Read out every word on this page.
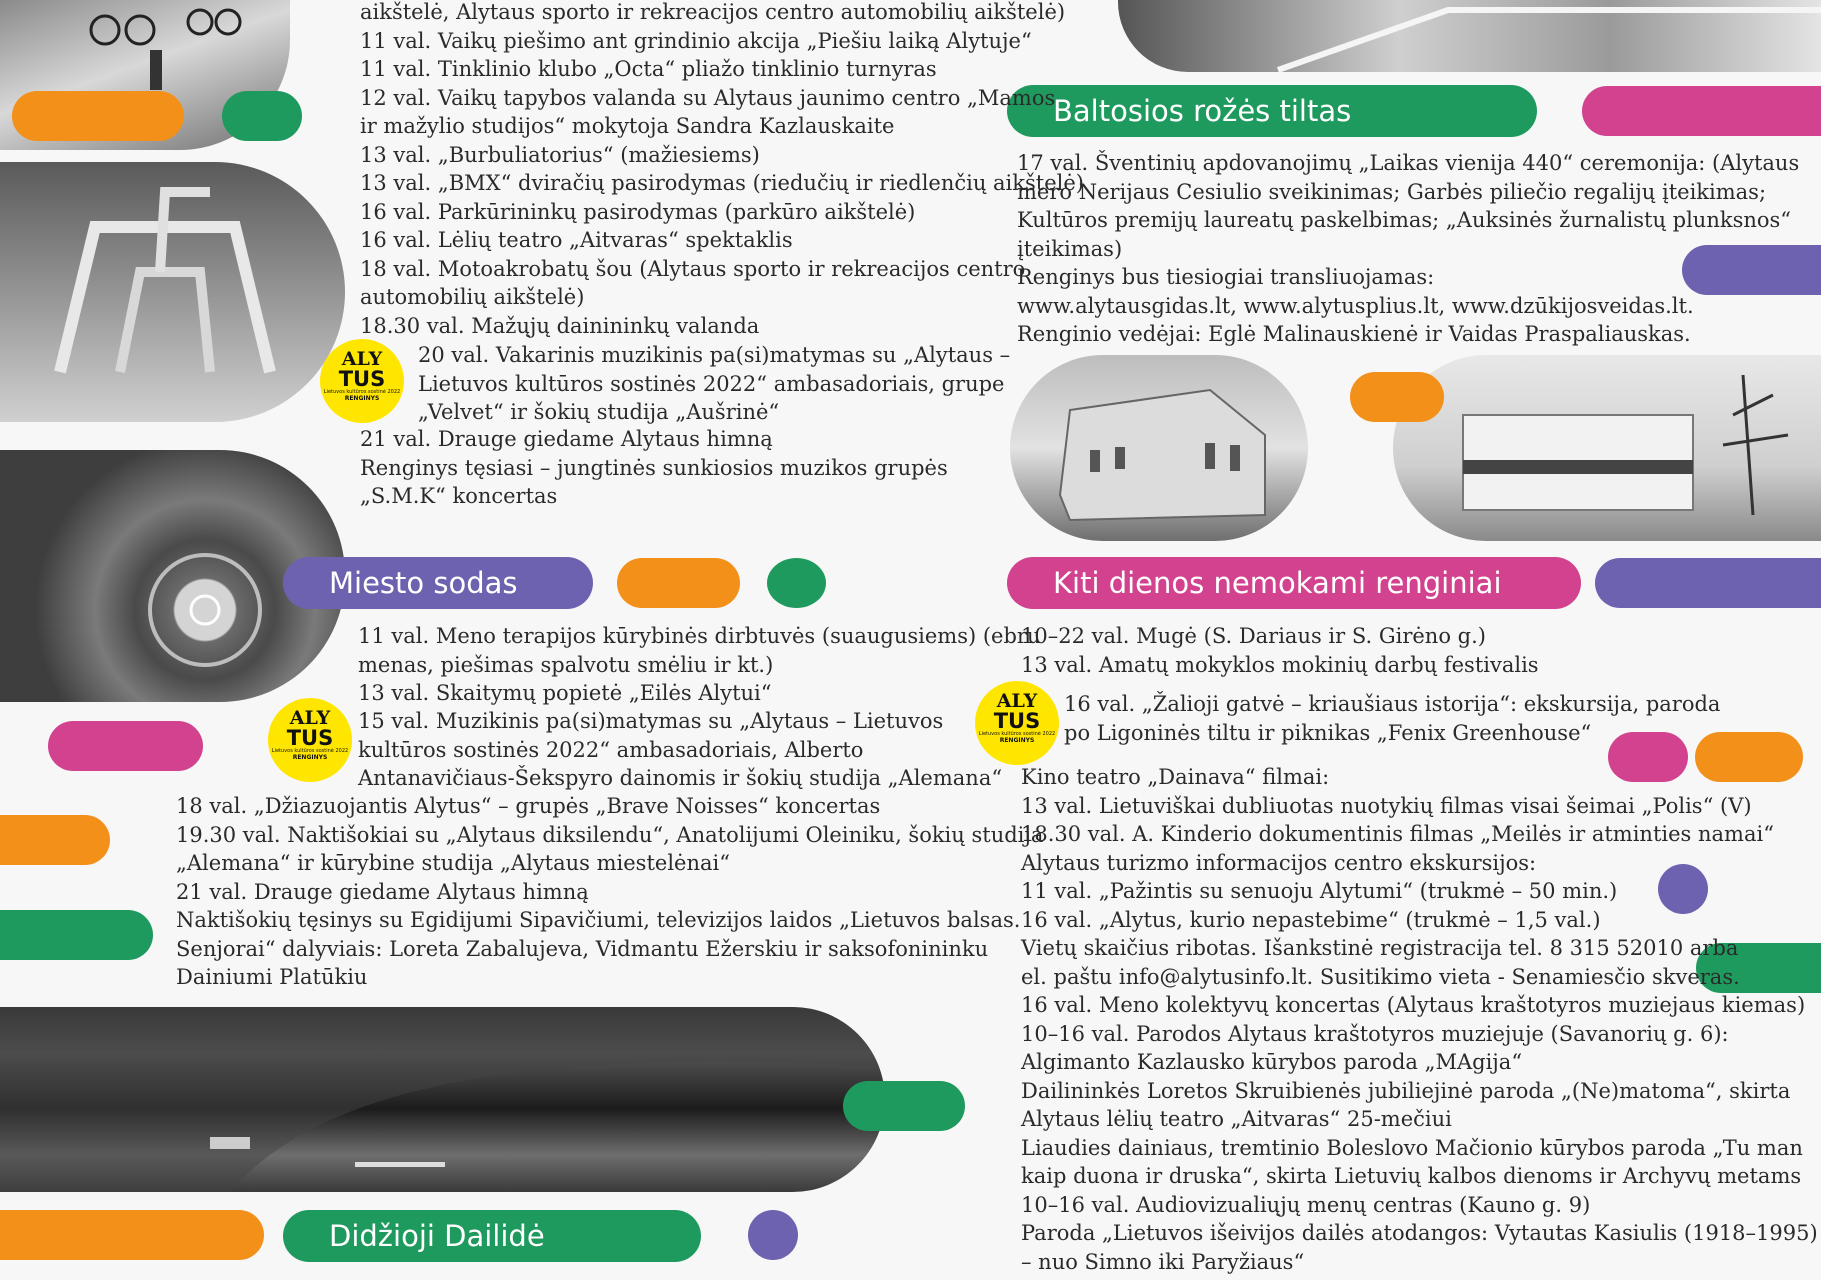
Miesto sodas
Didžioji Dailidė
Baltosios rožės tiltas
Kiti dienos nemokami renginiai
ALY
TUS
Lietuvos kultūros sostinė 2022
RENGINYS
ALY
TUS
Lietuvos kultūros sostinė 2022
RENGINYS
ALY
TUS
Lietuvos kultūros sostinė 2022
RENGINYS
aikštelė, Alytaus sporto ir rekreacijos centro automobilių aikštelė)
11 val. Vaikų piešimo ant grindinio akcija „Piešiu laiką Alytuje“
11 val. Tinklinio klubo „Octa“ pliažo tinklinio turnyras
12 val. Vaikų tapybos valanda su Alytaus jaunimo centro „Mamos
ir mažylio studijos“ mokytoja Sandra Kazlauskaite
13 val. „Burbuliatorius“ (mažiesiems)
13 val. „BMX“ dviračių pasirodymas (riedučių ir riedlenčių aikštelė)
16 val. Parkūrininkų pasirodymas (parkūro aikštelė)
16 val. Lėlių teatro „Aitvaras“ spektaklis
18 val. Motoakrobatų šou (Alytaus sporto ir rekreacijos centro
automobilių aikštelė)
18.30 val. Mažųjų dainininkų valanda
20 val. Vakarinis muzikinis pa(si)matymas su „Alytaus –
Lietuvos kultūros sostinės 2022“ ambasadoriais, grupe
„Velvet“ ir šokių studija „Aušrinė“
21 val. Drauge giedame Alytaus himną
Renginys tęsiasi – jungtinės sunkiosios muzikos grupės
„S.M.K“ koncertas
11 val. Meno terapijos kūrybinės dirbtuvės (suaugusiems) (ebru
menas, piešimas spalvotu smėliu ir kt.)
13 val. Skaitymų popietė „Eilės Alytui“
15 val. Muzikinis pa(si)matymas su „Alytaus – Lietuvos
kultūros sostinės 2022“ ambasadoriais, Alberto
Antanavičiaus-Šekspyro dainomis ir šokių studija „Alemana“
18 val. „Džiazuojantis Alytus“ – grupės „Brave Noisses“ koncertas
19.30 val. Naktišokiai su „Alytaus diksilendu“, Anatolijumi Oleiniku, šokių studija
„Alemana“ ir kūrybine studija „Alytaus miestelėnai“
21 val. Drauge giedame Alytaus himną
Naktišokių tęsinys su Egidijumi Sipavičiumi, televizijos laidos „Lietuvos balsas.
Senjorai“ dalyviais: Loreta Zabalujeva, Vidmantu Ežerskiu ir saksofonininku
Dainiumi Platūkiu
17 val. Šventinių apdovanojimų „Laikas vienija 440“ ceremonija: (Alytaus
mero Nerijaus Cesiulio sveikinimas; Garbės piliečio regalijų įteikimas;
Kultūros premijų laureatų paskelbimas; „Auksinės žurnalistų plunksnos“
įteikimas)
Renginys bus tiesiogiai transliuojamas:
www.alytausgidas.lt, www.alytusplius.lt, www.dzūkijosveidas.lt.
Renginio vedėjai: Eglė Malinauskienė ir Vaidas Praspaliauskas.
10–22 val. Mugė (S. Dariaus ir S. Girėno g.)
13 val. Amatų mokyklos mokinių darbų festivalis
16 val. „Žalioji gatvė – kriaušiaus istorija“: ekskursija, paroda
po Ligoninės tiltu ir piknikas „Fenix Greenhouse“
Kino teatro „Dainava“ filmai:
13 val. Lietuviškai dubliuotas nuotykių filmas visai šeimai „Polis“ (V)
18.30 val. A. Kinderio dokumentinis filmas „Meilės ir atminties namai“
Alytaus turizmo informacijos centro ekskursijos:
11 val. „Pažintis su senuoju Alytumi“ (trukmė – 50 min.)
16 val. „Alytus, kurio nepastebime“ (trukmė – 1,5 val.)
Vietų skaičius ribotas. Išankstinė registracija tel. 8 315 52010 arba
el. paštu info@alytusinfo.lt. Susitikimo vieta - Senamiesčio skveras.
16 val. Meno kolektyvų koncertas (Alytaus kraštotyros muziejaus kiemas)
10–16 val. Parodos Alytaus kraštotyros muziejuje (Savanorių g. 6):
Algimanto Kazlausko kūrybos paroda „MAgija“
Dailininkės Loretos Skruibienės jubiliejinė paroda „(Ne)matoma“, skirta
Alytaus lėlių teatro „Aitvaras“ 25-mečiui
Liaudies dainiaus, tremtinio Boleslovo Mačionio kūrybos paroda „Tu man
kaip duona ir druska“, skirta Lietuvių kalbos dienoms ir Archyvų metams
10–16 val. Audiovizualiųjų menų centras (Kauno g. 9)
Paroda „Lietuvos išeivijos dailės atodangos: Vytautas Kasiulis (1918–1995)
– nuo Simno iki Paryžiaus“
